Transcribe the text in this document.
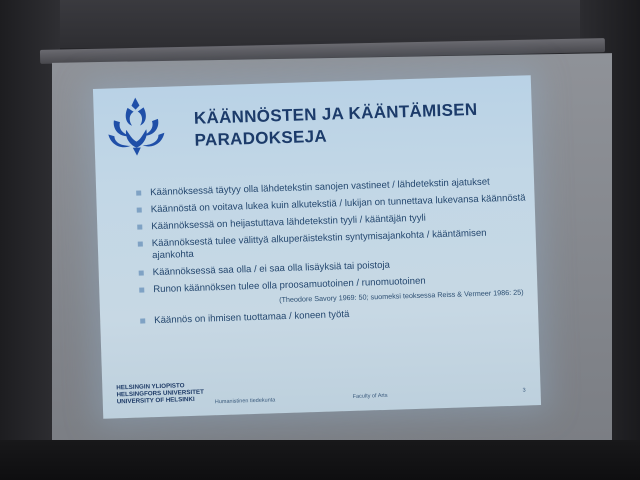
KÄÄNNÖSTEN JA KÄÄNTÄMISEN
PARADOKSEJA
Käännöksessä täytyy olla lähdetekstin sanojen vastineet / lähdetekstin ajatukset
Käännöstä on voitava lukea kuin alkutekstiä / lukijan on tunnettava lukevansa käännöstä
Käännöksessä on heijastuttava lähdetekstin tyyli / kääntäjän tyyli
Käännöksestä tulee välittyä alkuperäistekstin syntymisajankohta / kääntämisen ajankohta
Käännöksessä saa olla / ei saa olla lisäyksiä tai poistoja
Runon käännöksen tulee olla proosamuotoinen / runomuotoinen
(Theodore Savory 1969: 50; suomeksi teoksessa Reiss & Vermeer 1986: 25)
Käännös on ihmisen tuottamaa / koneen työtä
HELSINGIN YLIOPISTO
HELSINGFORS UNIVERSITET
UNIVERSITY OF HELSINKI	Humanistinen tiedekunta
Faculty of Arts
3
